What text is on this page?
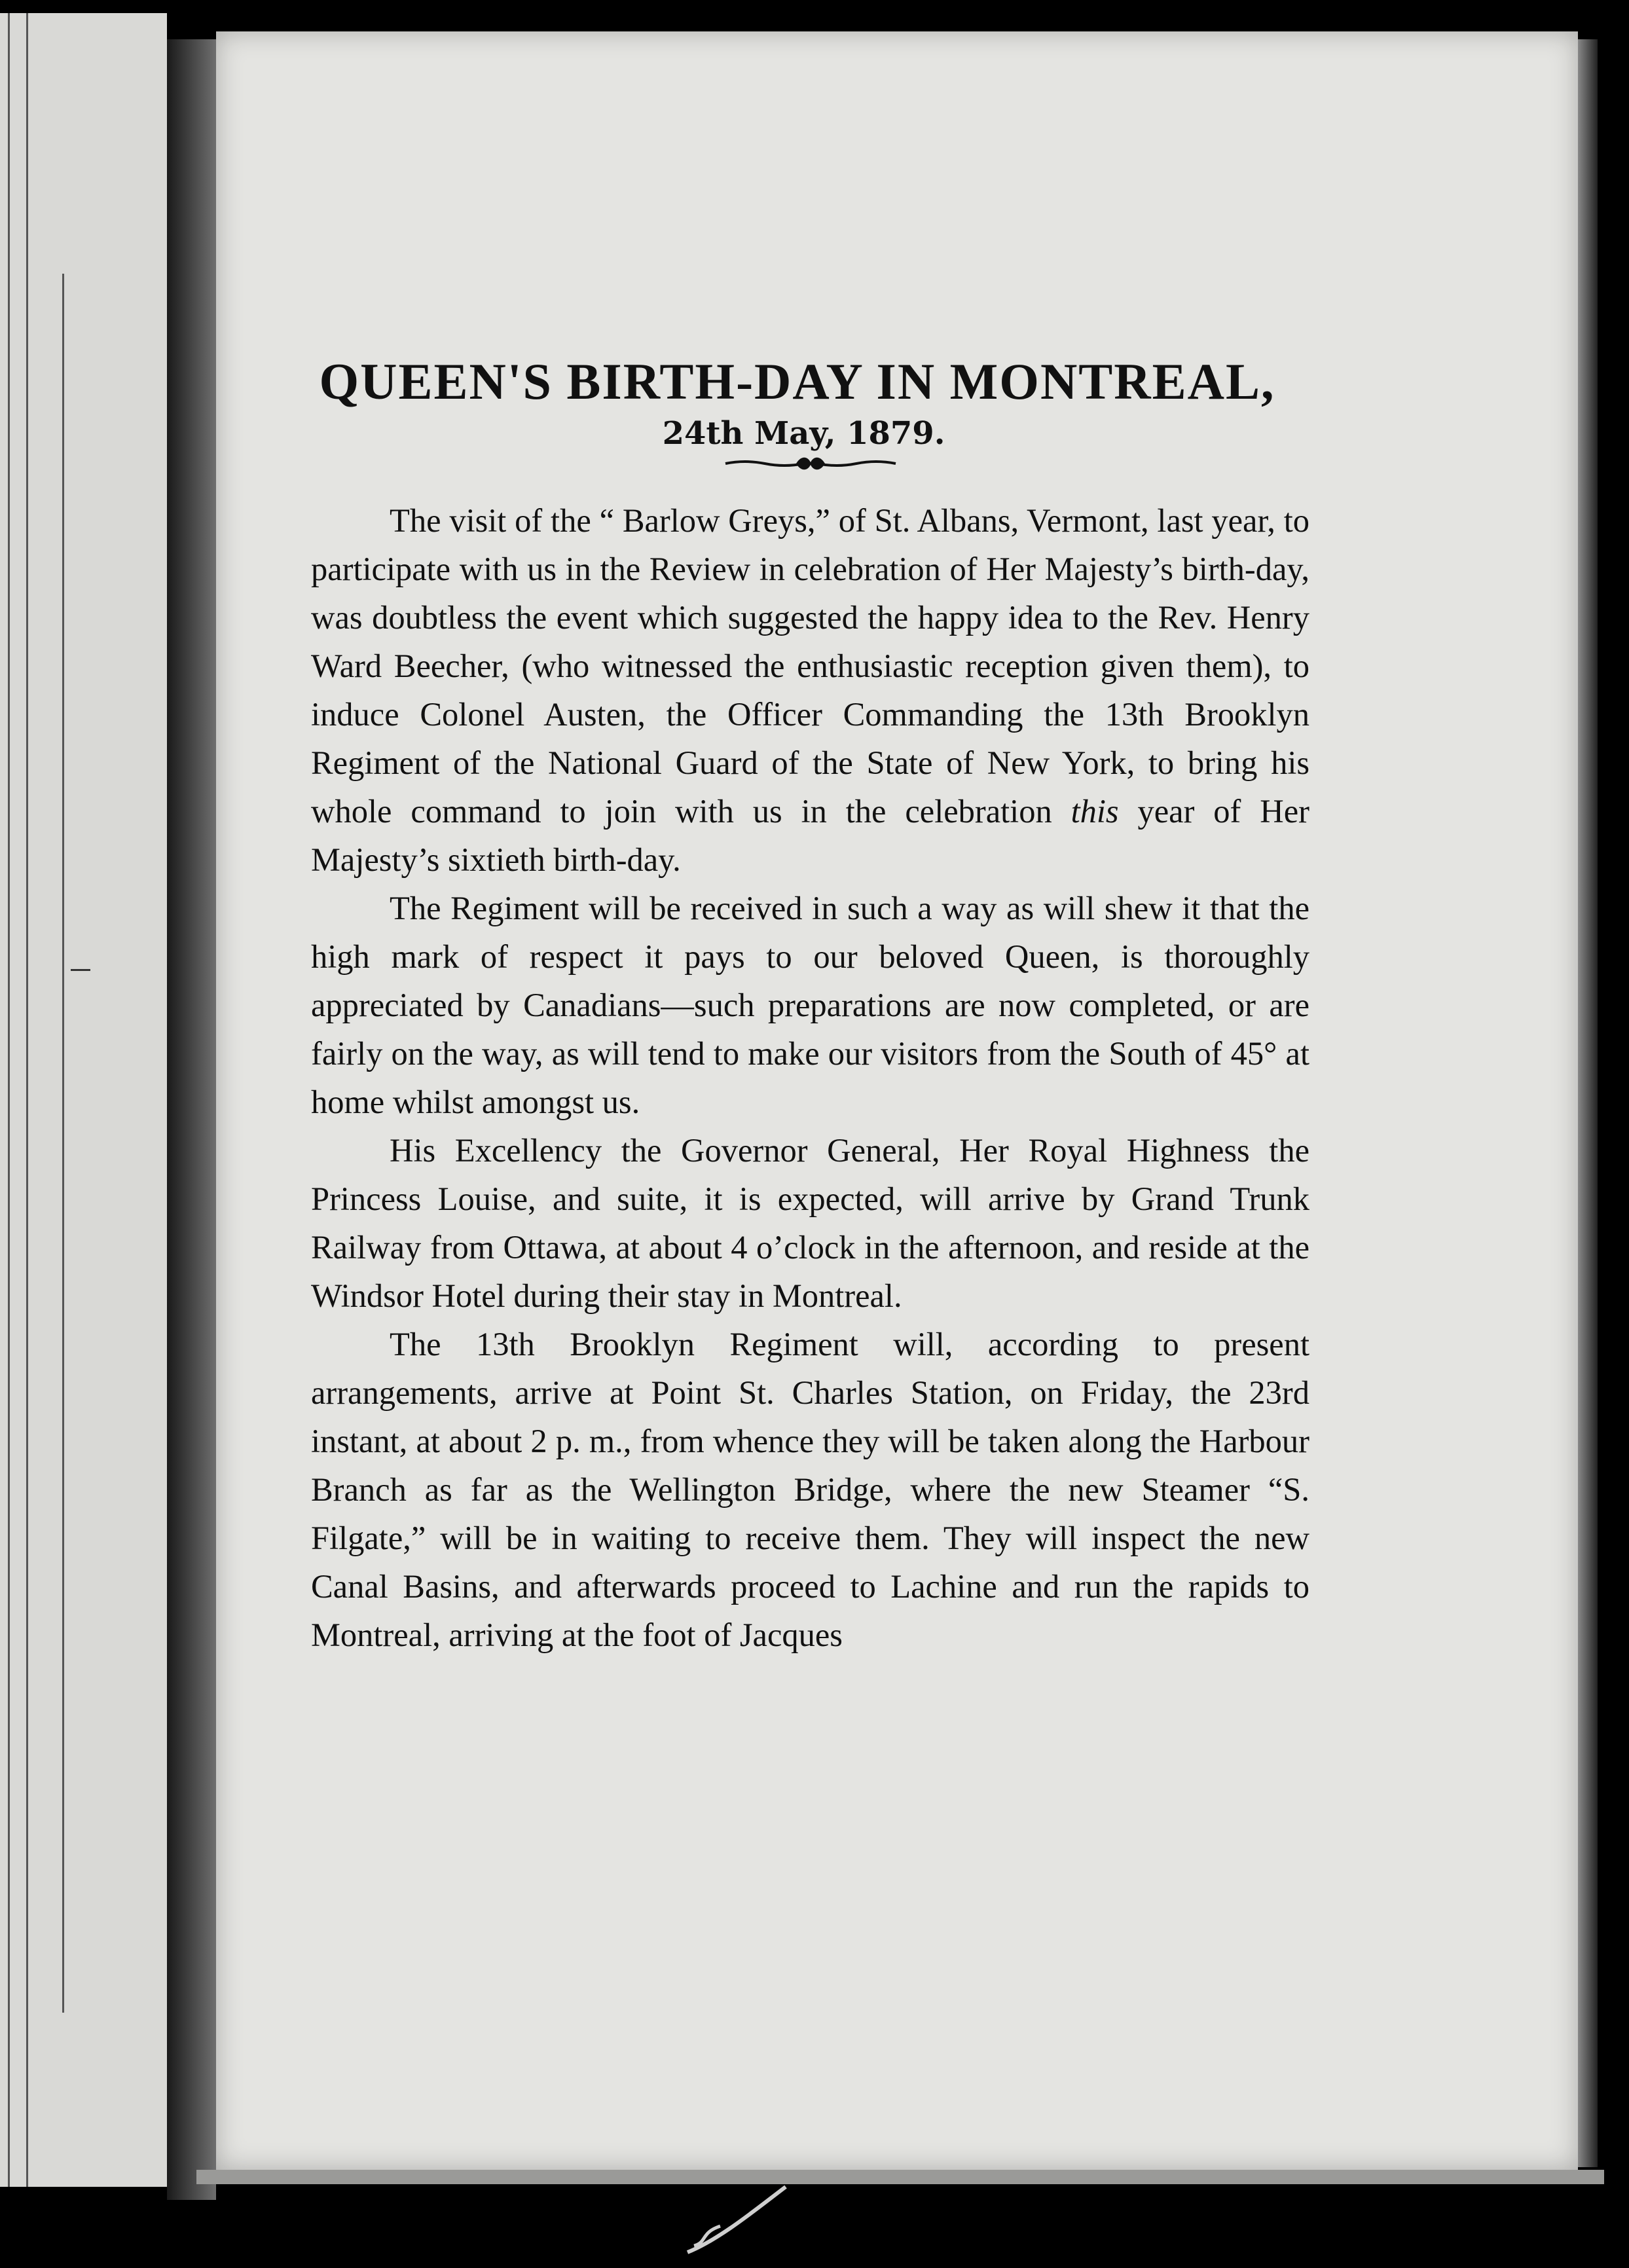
QUEEN'S BIRTH-DAY IN MONTREAL,
24th May, 1879.

The visit of the “ Barlow Greys,” of St. Albans, Vermont, last year, to participate with us in the Review in celebration of Her Majesty’s birth-day, was doubtless the event which suggested the happy idea to the Rev. Henry Ward Beecher, (who witnessed the enthusiastic reception given them), to induce Colonel Austen, the Officer Commanding the 13th Brooklyn Regiment of the National Guard of the State of New York, to bring his whole command to join with us in the celebration this year of Her Majesty’s sixtieth birth-day.

The Regiment will be received in such a way as will shew it that the high mark of respect it pays to our beloved Queen, is thoroughly appreciated by Canadians—such preparations are now completed, or are fairly on the way, as will tend to make our visitors from the South of 45° at home whilst amongst us.

His Excellency the Governor General, Her Royal Highness the Princess Louise, and suite, it is expected, will arrive by Grand Trunk Railway from Ottawa, at about 4 o’clock in the afternoon, and reside at the Windsor Hotel during their stay in Montreal.

The 13th Brooklyn Regiment will, according to present arrangements, arrive at Point St. Charles Station, on Friday, the 23rd instant, at about 2 p. m., from whence they will be taken along the Harbour Branch as far as the Wellington Bridge, where the new Steamer “S. Filgate,” will be in waiting to receive them. They will inspect the new Canal Basins, and afterwards proceed to Lachine and run the rapids to Montreal, arriving at the foot of Jacques
